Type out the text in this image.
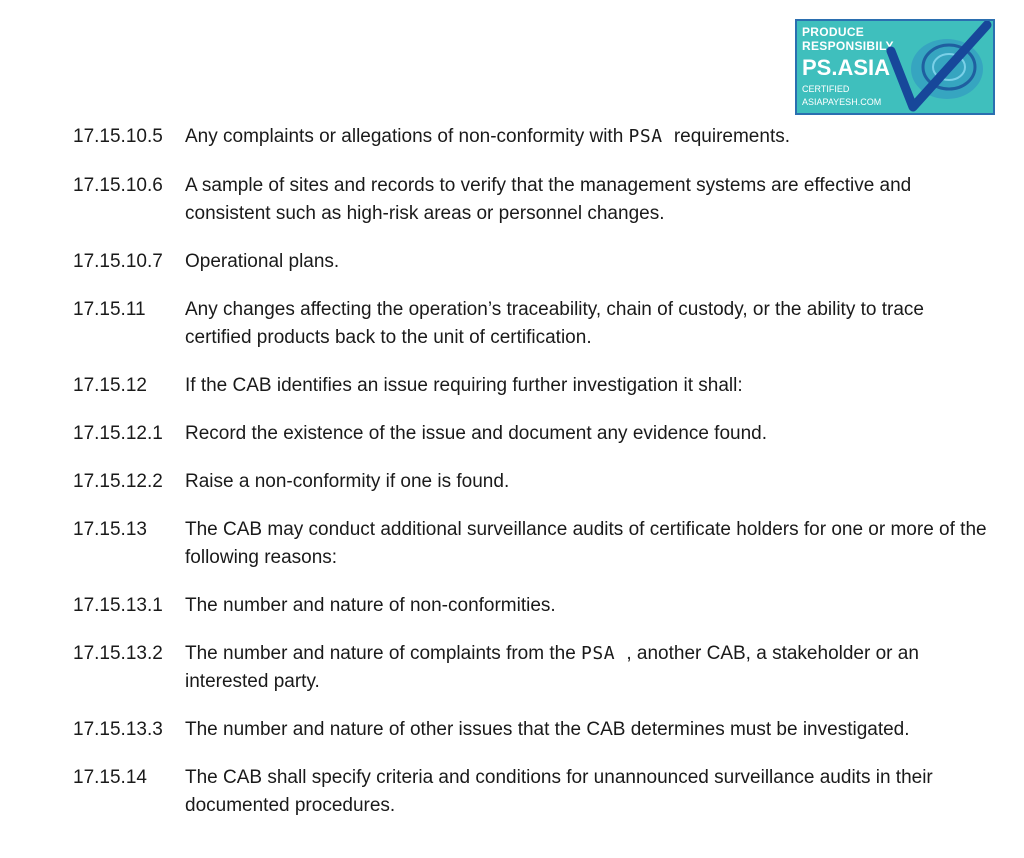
PRODUCE
RESPONSIBILY
PS.ASIA
CERTIFIED
ASIAPAYESH.COM
17.15.10.5	Any complaints or allegations of non-conformity with PSA requirements.
17.15.10.6	A sample of sites and records to verify that the management systems are effective and consistent such as high-risk areas or personnel changes.
17.15.10.7	Operational plans.
17.15.11	Any changes affecting the operation’s traceability, chain of custody, or the ability to trace certified products back to the unit of certification.
17.15.12	If the CAB identifies an issue requiring further investigation it shall:
17.15.12.1	Record the existence of the issue and document any evidence found.
17.15.12.2	Raise a non-conformity if one is found.
17.15.13	The CAB may conduct additional surveillance audits of certificate holders for one or more of the following reasons:
17.15.13.1	The number and nature of non-conformities.
17.15.13.2	The number and nature of complaints from the PSA , another CAB, a stakeholder or an interested party.
17.15.13.3	The number and nature of other issues that the CAB determines must be investigated.
17.15.14	The CAB shall specify criteria and conditions for unannounced surveillance audits in their documented procedures.
